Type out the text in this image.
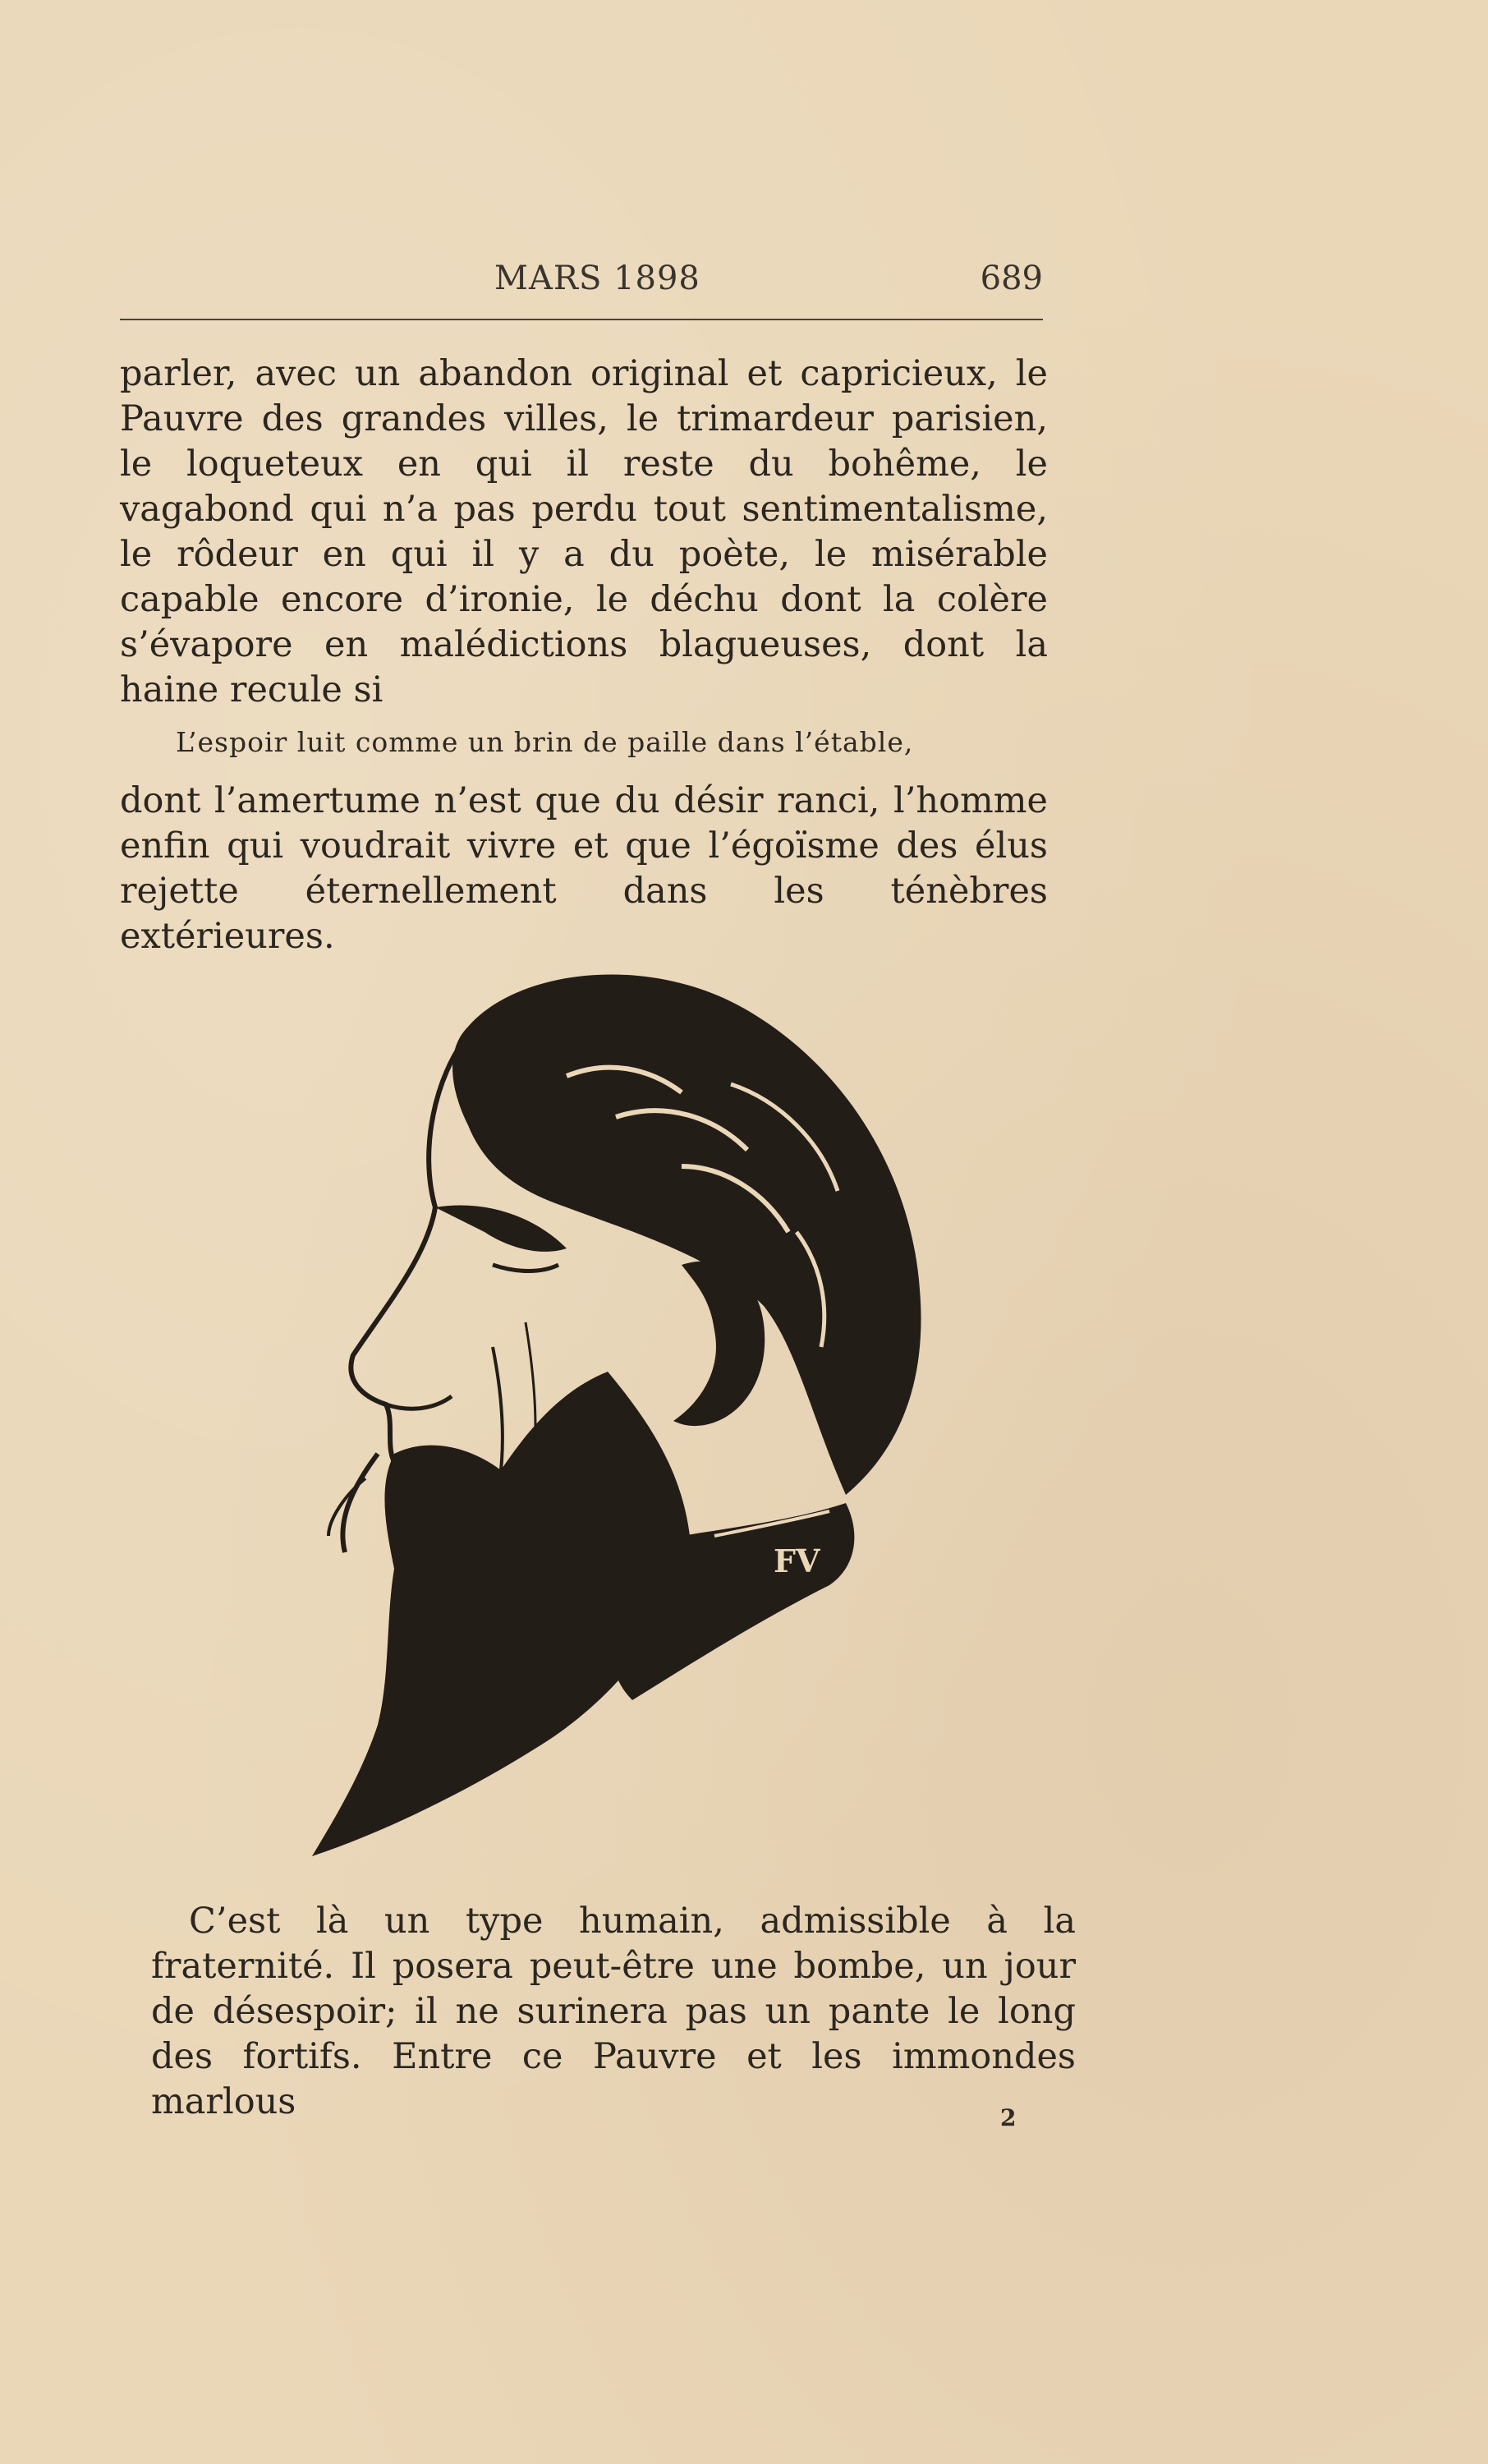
MARS 1898	689
parler, avec un abandon original et capricieux, le Pauvre des grandes villes, le trimardeur parisien, le loqueteux en qui il reste du bohême, le vagabond qui n’a pas perdu tout sentimentalisme, le rôdeur en qui il y a du poète, le misérable capable encore d’ironie, le déchu dont la colère s’évapore en malédictions blagueuses, dont la haine recule si
L’espoir luit comme un brin de paille dans l’étable,
dont l’amertume n’est que du désir ranci, l’homme enfin qui voudrait vivre et que l’égoïsme des élus rejette éternellement dans les ténèbres extérieures.
FV
C’est là un type humain, admissible à la fraternité. Il posera peut-être une bombe, un jour de désespoir; il ne surinera pas un pante le long des fortifs. Entre ce Pauvre et les immondes marlous	2
